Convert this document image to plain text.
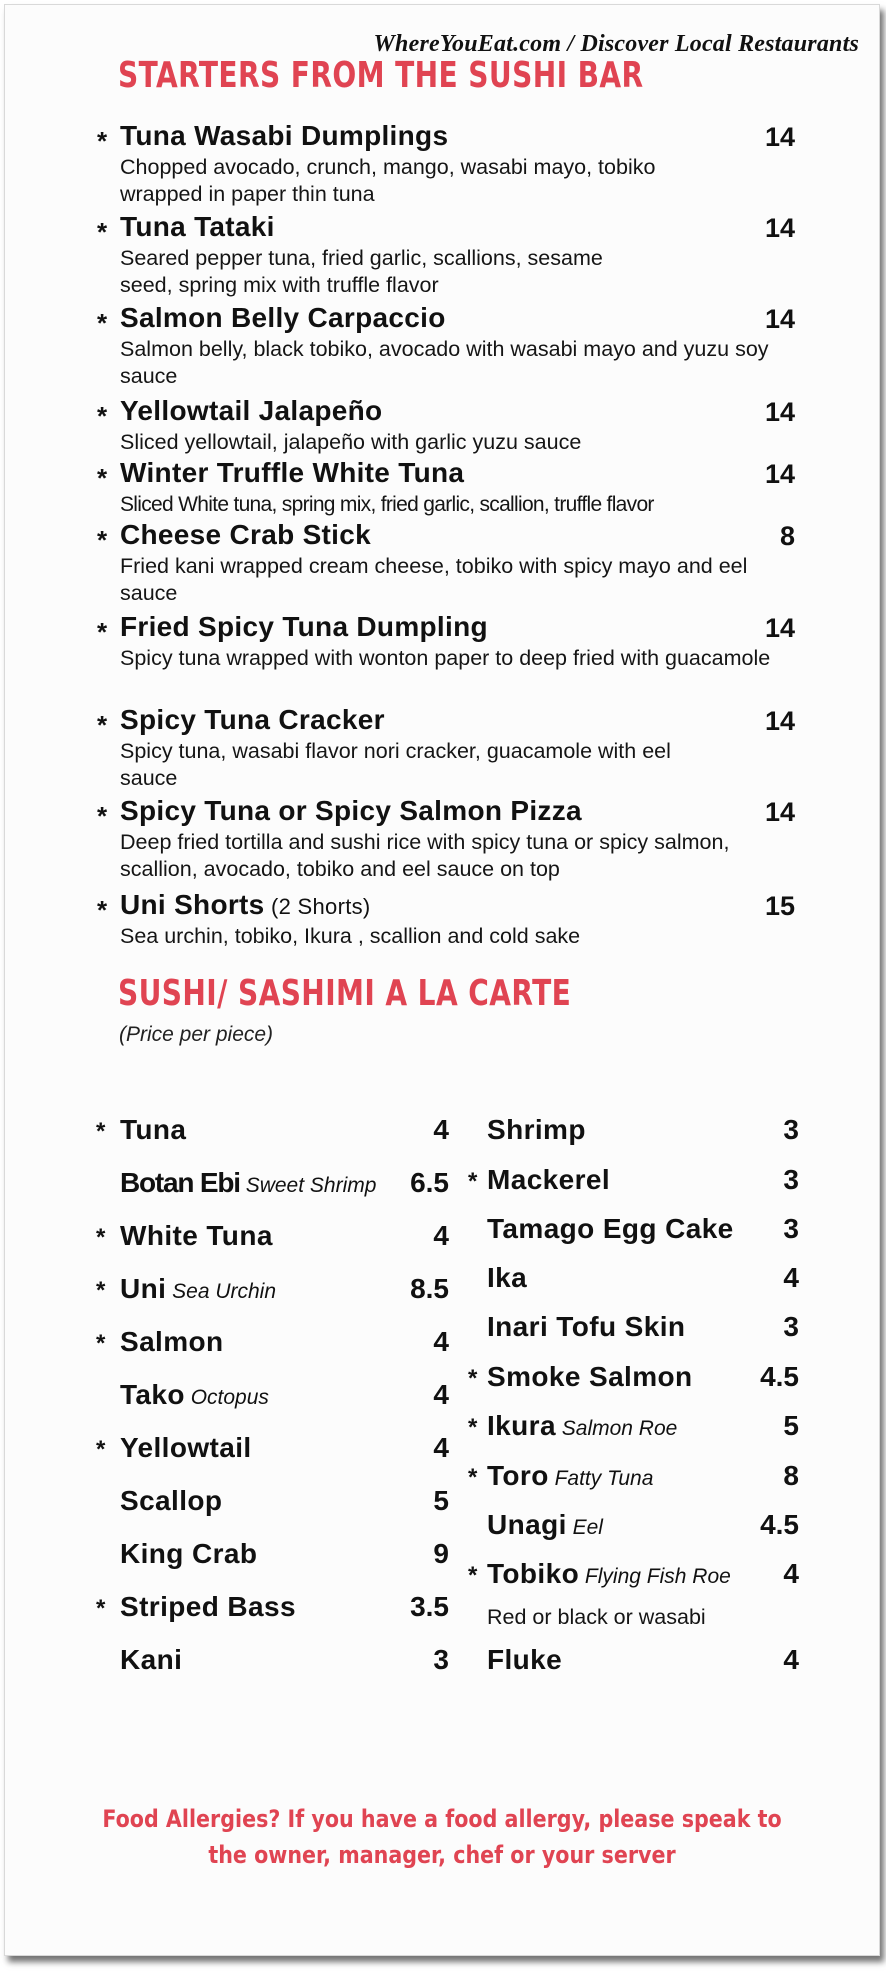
WhereYouEat.com / Discover Local Restaurants
STARTERS FROM THE SUSHI BAR
* Tuna Wasabi Dumplings	14
Chopped avocado, crunch, mango, wasabi mayo, tobiko wrapped in paper thin tuna
* Tuna Tataki	14
Seared pepper tuna, fried garlic, scallions, sesame seed, spring mix with truffle flavor
* Salmon Belly Carpaccio	14
Salmon belly, black tobiko, avocado with wasabi mayo and yuzu soy sauce
* Yellowtail Jalapeño	14
Sliced yellowtail, jalapeño with garlic yuzu sauce
* Winter Truffle White Tuna	14
Sliced White tuna, spring mix, fried garlic, scallion, truffle flavor
* Cheese Crab Stick	8
Fried kani wrapped cream cheese, tobiko with spicy mayo and eel sauce
* Fried Spicy Tuna Dumpling	14
Spicy tuna wrapped with wonton paper to deep fried with guacamole
* Spicy Tuna Cracker	14
Spicy tuna, wasabi flavor nori cracker, guacamole with eel sauce
* Spicy Tuna or Spicy Salmon Pizza	14
Deep fried tortilla and sushi rice with spicy tuna or spicy salmon, scallion, avocado, tobiko and eel sauce on top
* Uni Shorts (2 Shorts)	15
Sea urchin, tobiko, Ikura , scallion and cold sake
SUSHI/ SASHIMI A LA CARTE
(Price per piece)
* Tuna	4
Botan Ebi Sweet Shrimp	6.5
* White Tuna	4
* Uni Sea Urchin	8.5
* Salmon	4
Tako Octopus	4
* Yellowtail	4
Scallop	5
King Crab	9
* Striped Bass	3.5
Kani	3
Shrimp	3
* Mackerel	3
Tamago Egg Cake	3
Ika	4
Inari Tofu Skin	3
* Smoke Salmon	4.5
* Ikura Salmon Roe	5
* Toro Fatty Tuna	8
Unagi Eel	4.5
* Tobiko Flying Fish Roe	4
Red or black or wasabi
Fluke	4
Food Allergies? If you have a food allergy, please speak to
the owner, manager, chef or your server
